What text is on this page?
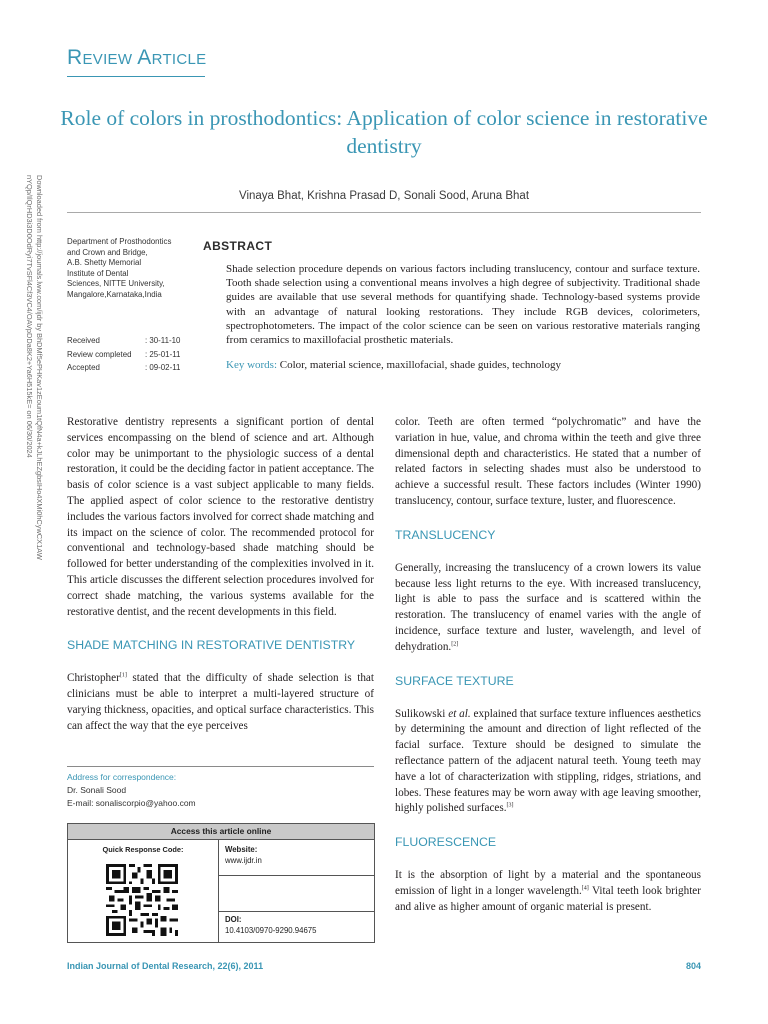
Review Article
Role of colors in prosthodontics: Application of color science in restorative dentistry
Vinaya Bhat, Krishna Prasad D, Sonali Sood, Aruna Bhat
Downloaded from http://journals.lww.com/ijdr by BhDMf5ePHKav1zEoum1tQfN4a+kJLhEZgbsIHo4XMi0hCywCX1AW
nYQp/IlQrHD3i3D0OdRyi7TvSFl4Cf3VC4/OAVpDDa8K2+Ya6H515kE= on 06/30/2024	Department of Prosthodontics
and Crown and Bridge,
A.B. Shetty Memorial
Institute of Dental
Sciences, NITTE University,
Mangalore,Karnataka,India
Received	: 30-11-10
Review completed	: 25-01-11
Accepted	: 09-02-11
ABSTRACT
Shade selection procedure depends on various factors including translucency, contour and surface texture. Tooth shade selection using a conventional means involves a high degree of subjectivity. Traditional shade guides are available that use several methods for quantifying shade. Technology-based systems provide with an advantage of natural looking restorations. They include RGB devices, colorimeters, spectrophotometers. The impact of the color science can be seen on various restorative materials ranging from ceramics to maxillofacial prosthetic materials.
Key words: Color, material science, maxillofacial, shade guides, technology

Restorative dentistry represents a significant portion of dental services encompassing on the blend of science and art. Although color may be unimportant to the physiologic success of a dental restoration, it could be the deciding factor in patient acceptance. The basis of color science is a vast subject applicable to many fields. The applied aspect of color science to the restorative dentistry includes the various factors involved for correct shade matching and its impact on the science of color. The recommended protocol for conventional and technology-based shade matching should be followed for better understanding of the complexities involved in it. This article discusses the different selection procedures involved for correct shade matching, the various systems available for the restorative dentist, and the recent developments in this field.

SHADE MATCHING IN RESTORATIVE DENTISTRY

Christopher[1] stated that the difficulty of shade selection is that clinicians must be able to interpret a multi-layered structure of varying thickness, opacities, and optical surface characteristics. This can affect the way that the eye perceives

Address for correspondence:
Dr. Sonali Sood
E-mail: sonaliscorpio@yahoo.com
Access this article online
Quick Response Code:	Website:
www.ijdr.in
DOI:
10.4103/0970-9290.94675

color. Teeth are often termed “polychromatic” and have the variation in hue, value, and chroma within the teeth and give three dimensional depth and characteristics. He stated that a number of related factors in selecting shades must also be understood to achieve a successful result. These factors includes (Winter 1990) translucency, contour, surface texture, luster, and fluorescence.

TRANSLUCENCY

Generally, increasing the translucency of a crown lowers its value because less light returns to the eye. With increased translucency, light is able to pass the surface and is scattered within the restoration. The translucency of enamel varies with the angle of incidence, surface texture and luster, wavelength, and level of dehydration.[2]

SURFACE TEXTURE

Sulikowski et al. explained that surface texture influences aesthetics by determining the amount and direction of light reflected of the facial surface. Texture should be designed to simulate the reflectance pattern of the adjacent natural teeth. Young teeth may have a lot of characterization with stippling, ridges, striations, and lobes. These features may be worn away with age leaving smoother, highly polished surfaces.[3]

FLUORESCENCE

It is the absorption of light by a material and the spontaneous emission of light in a longer wavelength.[4] Vital teeth look brighter and alive as higher amount of organic material is present.

Indian Journal of Dental Research, 22(6), 2011	804
